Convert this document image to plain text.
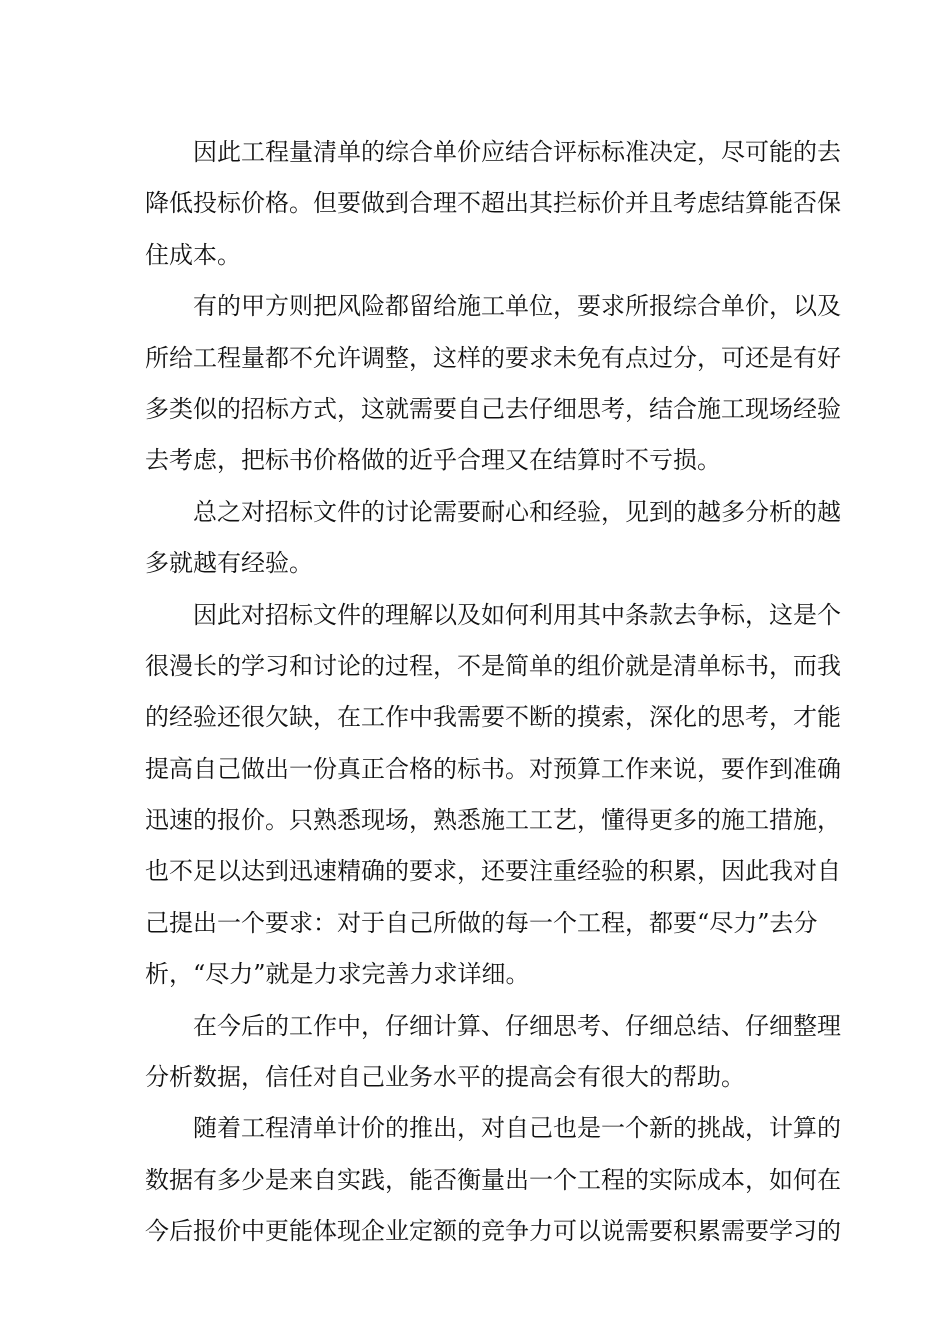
因此工程量清单的综合单价应结合评标标准决定，尽可能的去
降低投标价格。但要做到合理不超出其拦标价并且考虑结算能否保
住成本。
有的甲方则把风险都留给施工单位，要求所报综合单价，以及
所给工程量都不允许调整，这样的要求未免有点过分，可还是有好
多类似的招标方式，这就需要自己去仔细思考，结合施工现场经验
去考虑，把标书价格做的近乎合理又在结算时不亏损。
总之对招标文件的讨论需要耐心和经验，见到的越多分析的越
多就越有经验。
因此对招标文件的理解以及如何利用其中条款去争标，这是个
很漫长的学习和讨论的过程，不是简单的组价就是清单标书，而我
的经验还很欠缺，在工作中我需要不断的摸索，深化的思考，才能
提高自己做出一份真正合格的标书。对预算工作来说，要作到准确
迅速的报价。只熟悉现场，熟悉施工工艺，懂得更多的施工措施，
也不足以达到迅速精确的要求，还要注重经验的积累，因此我对自
己提出一个要求：对于自己所做的每一个工程，都要“尽力”去分
析，“尽力”就是力求完善力求详细。
在今后的工作中，仔细计算、仔细思考、仔细总结、仔细整理
分析数据，信任对自己业务水平的提高会有很大的帮助。
随着工程清单计价的推出，对自己也是一个新的挑战，计算的
数据有多少是来自实践，能否衡量出一个工程的实际成本，如何在
今后报价中更能体现企业定额的竞争力可以说需要积累需要学习的
